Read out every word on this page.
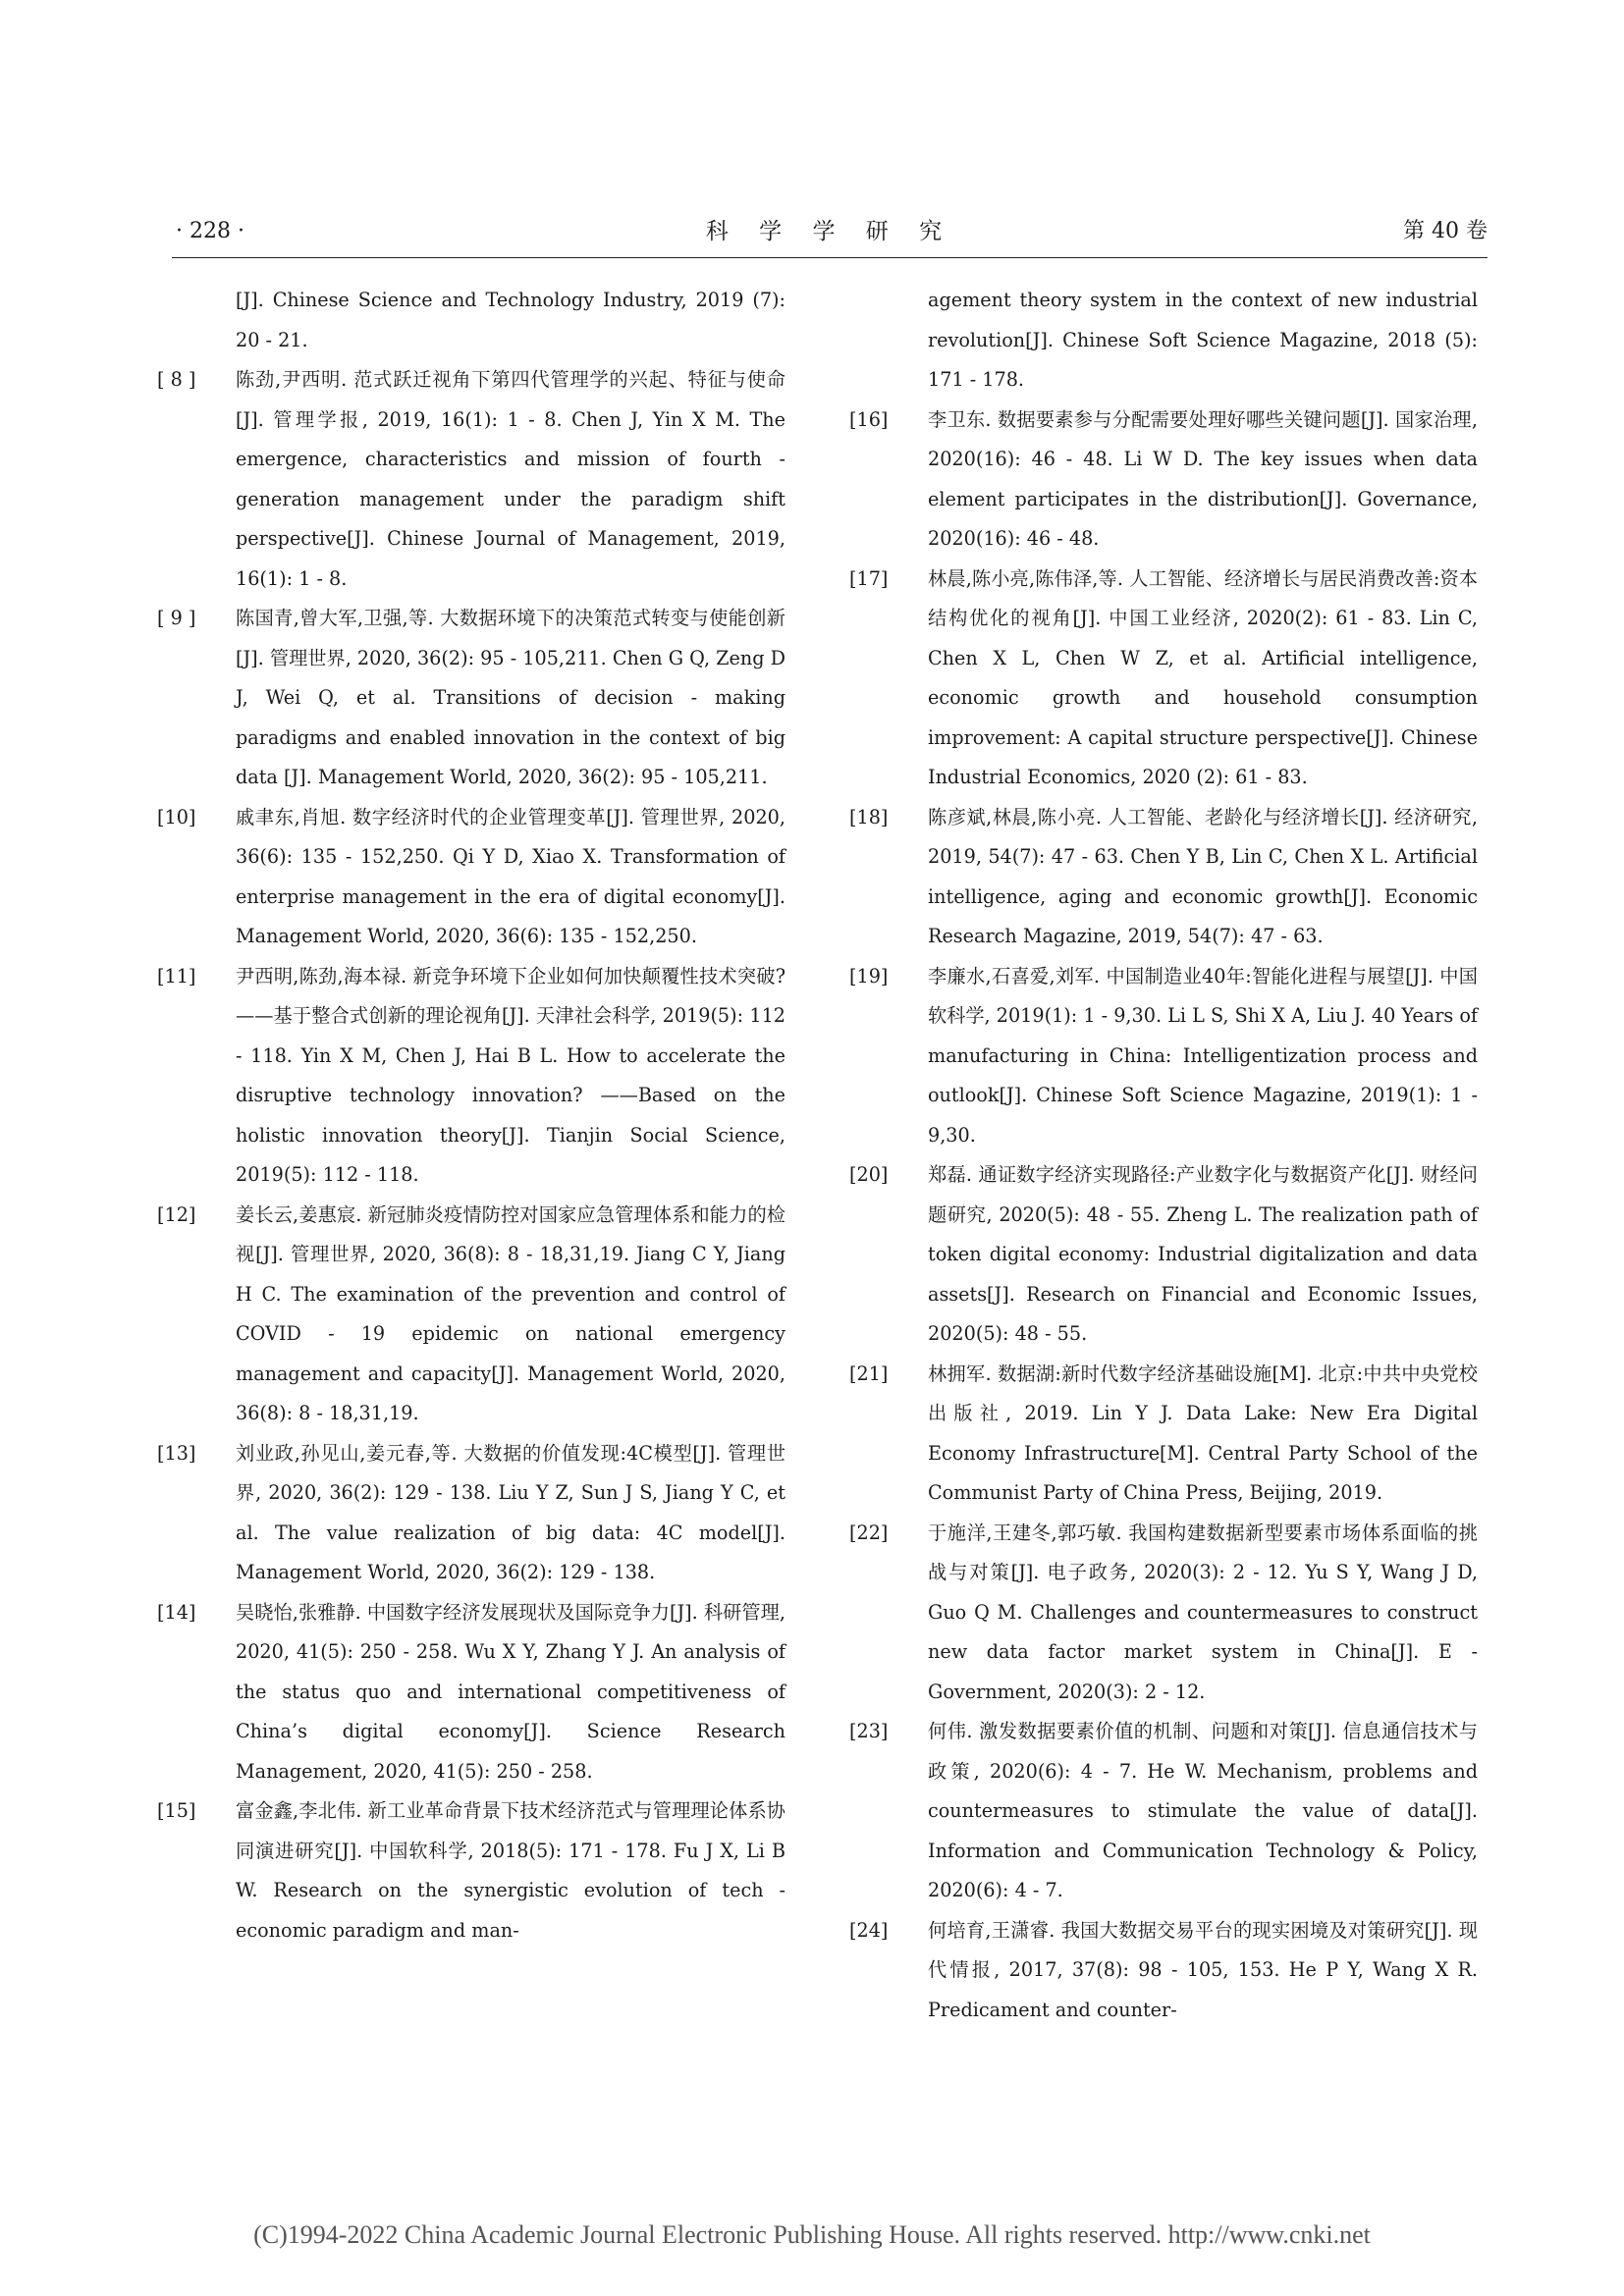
· 228 ·	科 学 学 研 究	第 40 卷
[J]. Chinese Science and Technology Industry, 2019 (7): 20 - 21.
[ 8 ]	陈劲,尹西明. 范式跃迁视角下第四代管理学的兴起、特征与使命[J]. 管理学报, 2019, 16(1): 1 - 8. Chen J, Yin X M. The emergence, characteristics and mission of fourth - generation management under the paradigm shift perspective[J]. Chinese Journal of Management, 2019, 16(1): 1 - 8.
[ 9 ]	陈国青,曾大军,卫强,等. 大数据环境下的决策范式转变与使能创新[J]. 管理世界, 2020, 36(2): 95 - 105,211. Chen G Q, Zeng D J, Wei Q, et al. Transitions of decision - making paradigms and enabled innovation in the context of big data [J]. Management World, 2020, 36(2): 95 - 105,211.
[10]	戚聿东,肖旭. 数字经济时代的企业管理变革[J]. 管理世界, 2020, 36(6): 135 - 152,250. Qi Y D, Xiao X. Transformation of enterprise management in the era of digital economy[J]. Management World, 2020, 36(6): 135 - 152,250.
[11]	尹西明,陈劲,海本禄. 新竞争环境下企业如何加快颠覆性技术突破?——基于整合式创新的理论视角[J]. 天津社会科学, 2019(5): 112 - 118. Yin X M, Chen J, Hai B L. How to accelerate the disruptive technology innovation? ——Based on the holistic innovation theory[J]. Tianjin Social Science, 2019(5): 112 - 118.
[12]	姜长云,姜惠宸. 新冠肺炎疫情防控对国家应急管理体系和能力的检视[J]. 管理世界, 2020, 36(8): 8 - 18,31,19. Jiang C Y, Jiang H C. The examination of the prevention and control of COVID - 19 epidemic on national emergency management and capacity[J]. Management World, 2020, 36(8): 8 - 18,31,19.
[13]	刘业政,孙见山,姜元春,等. 大数据的价值发现:4C模型[J]. 管理世界, 2020, 36(2): 129 - 138. Liu Y Z, Sun J S, Jiang Y C, et al. The value realization of big data: 4C model[J]. Management World, 2020, 36(2): 129 - 138.
[14]	吴晓怡,张雅静. 中国数字经济发展现状及国际竞争力[J]. 科研管理, 2020, 41(5): 250 - 258. Wu X Y, Zhang Y J. An analysis of the status quo and international competitiveness of China’s digital economy[J]. Science Research Management, 2020, 41(5): 250 - 258.
[15]	富金鑫,李北伟. 新工业革命背景下技术经济范式与管理理论体系协同演进研究[J]. 中国软科学, 2018(5): 171 - 178. Fu J X, Li B W. Research on the synergistic evolution of tech - economic paradigm and man-
agement theory system in the context of new industrial revolution[J]. Chinese Soft Science Magazine, 2018 (5): 171 - 178.
[16]	李卫东. 数据要素参与分配需要处理好哪些关键问题[J]. 国家治理, 2020(16): 46 - 48. Li W D. The key issues when data element participates in the distribution[J]. Governance, 2020(16): 46 - 48.
[17]	林晨,陈小亮,陈伟泽,等. 人工智能、经济增长与居民消费改善:资本结构优化的视角[J]. 中国工业经济, 2020(2): 61 - 83. Lin C, Chen X L, Chen W Z, et al. Artificial intelligence, economic growth and household consumption improvement: A capital structure perspective[J]. Chinese Industrial Economics, 2020 (2): 61 - 83.
[18]	陈彦斌,林晨,陈小亮. 人工智能、老龄化与经济增长[J]. 经济研究, 2019, 54(7): 47 - 63. Chen Y B, Lin C, Chen X L. Artificial intelligence, aging and economic growth[J]. Economic Research Magazine, 2019, 54(7): 47 - 63.
[19]	李廉水,石喜爱,刘军. 中国制造业40年:智能化进程与展望[J]. 中国软科学, 2019(1): 1 - 9,30. Li L S, Shi X A, Liu J. 40 Years of manufacturing in China: Intelligentization process and outlook[J]. Chinese Soft Science Magazine, 2019(1): 1 - 9,30.
[20]	郑磊. 通证数字经济实现路径:产业数字化与数据资产化[J]. 财经问题研究, 2020(5): 48 - 55. Zheng L. The realization path of token digital economy: Industrial digitalization and data assets[J]. Research on Financial and Economic Issues, 2020(5): 48 - 55.
[21]	林拥军. 数据湖:新时代数字经济基础设施[M]. 北京:中共中央党校出版社, 2019. Lin Y J. Data Lake: New Era Digital Economy Infrastructure[M]. Central Party School of the Communist Party of China Press, Beijing, 2019.
[22]	于施洋,王建冬,郭巧敏. 我国构建数据新型要素市场体系面临的挑战与对策[J]. 电子政务, 2020(3): 2 - 12. Yu S Y, Wang J D, Guo Q M. Challenges and countermeasures to construct new data factor market system in China[J]. E - Government, 2020(3): 2 - 12.
[23]	何伟. 激发数据要素价值的机制、问题和对策[J]. 信息通信技术与政策, 2020(6): 4 - 7. He W. Mechanism, problems and countermeasures to stimulate the value of data[J]. Information and Communication Technology & Policy, 2020(6): 4 - 7.
[24]	何培育,王潇睿. 我国大数据交易平台的现实困境及对策研究[J]. 现代情报, 2017, 37(8): 98 - 105, 153. He P Y, Wang X R. Predicament and counter-
(C)1994-2022 China Academic Journal Electronic Publishing House. All rights reserved. http://www.cnki.net
